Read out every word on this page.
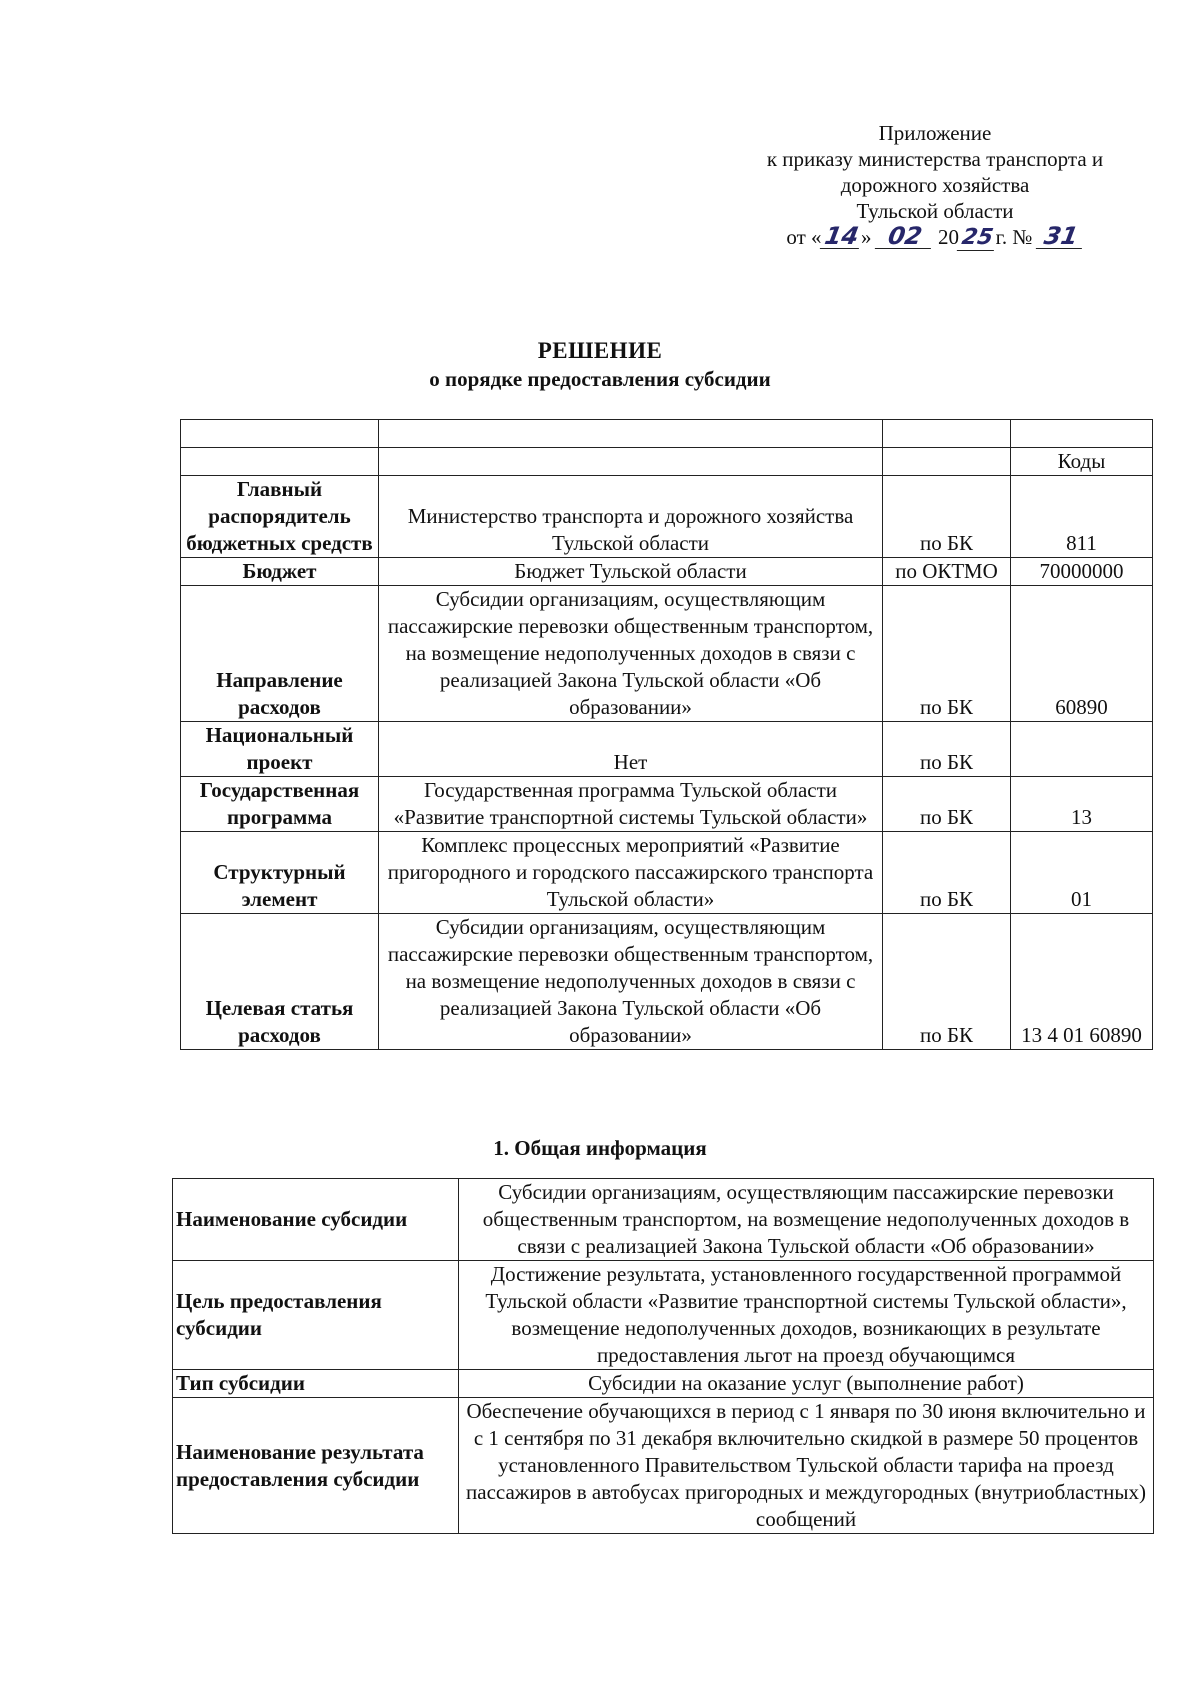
Приложение
к приказу министерства транспорта и
дорожного хозяйства
Тульской области
от «14» 02 2025г. № 31
РЕШЕНИЕ
о порядке предоставления субсидии

			Коды
Главный распорядитель бюджетных средств	Министерство транспорта и дорожного хозяйства Тульской области	по БК	811
Бюджет	Бюджет Тульской области	по ОКТМО	70000000
Направление расходов	Субсидии организациям, осуществляющим пассажирские перевозки общественным транспортом, на возмещение недополученных доходов в связи с реализацией Закона Тульской области «Об образовании»	по БК	60890
Национальный проект	Нет	по БК	
Государственная программа	Государственная программа Тульской области «Развитие транспортной системы Тульской области»	по БК	13
Структурный элемент	Комплекс процессных мероприятий «Развитие пригородного и городского пассажирского транспорта Тульской области»	по БК	01
Целевая статья расходов	Субсидии организациям, осуществляющим пассажирские перевозки общественным транспортом, на возмещение недополученных доходов в связи с реализацией Закона Тульской области «Об образовании»	по БК	13 4 01 60890
1. Общая информация
Наименование субсидии	Субсидии организациям, осуществляющим пассажирские перевозки общественным транспортом, на возмещение недополученных доходов в связи с реализацией Закона Тульской области «Об образовании»
Цель предоставления субсидии	Достижение результата, установленного государственной программой Тульской области «Развитие транспортной системы Тульской области», возмещение недополученных доходов, возникающих в результате предоставления льгот на проезд обучающимся
Тип субсидии	Субсидии на оказание услуг (выполнение работ)
Наименование результата предоставления субсидии	Обеспечение обучающихся в период с 1 января по 30 июня включительно и с 1 сентября по 31 декабря включительно скидкой в размере 50 процентов установленного Правительством Тульской области тарифа на проезд пассажиров в автобусах пригородных и междугородных (внутриобластных) сообщений
